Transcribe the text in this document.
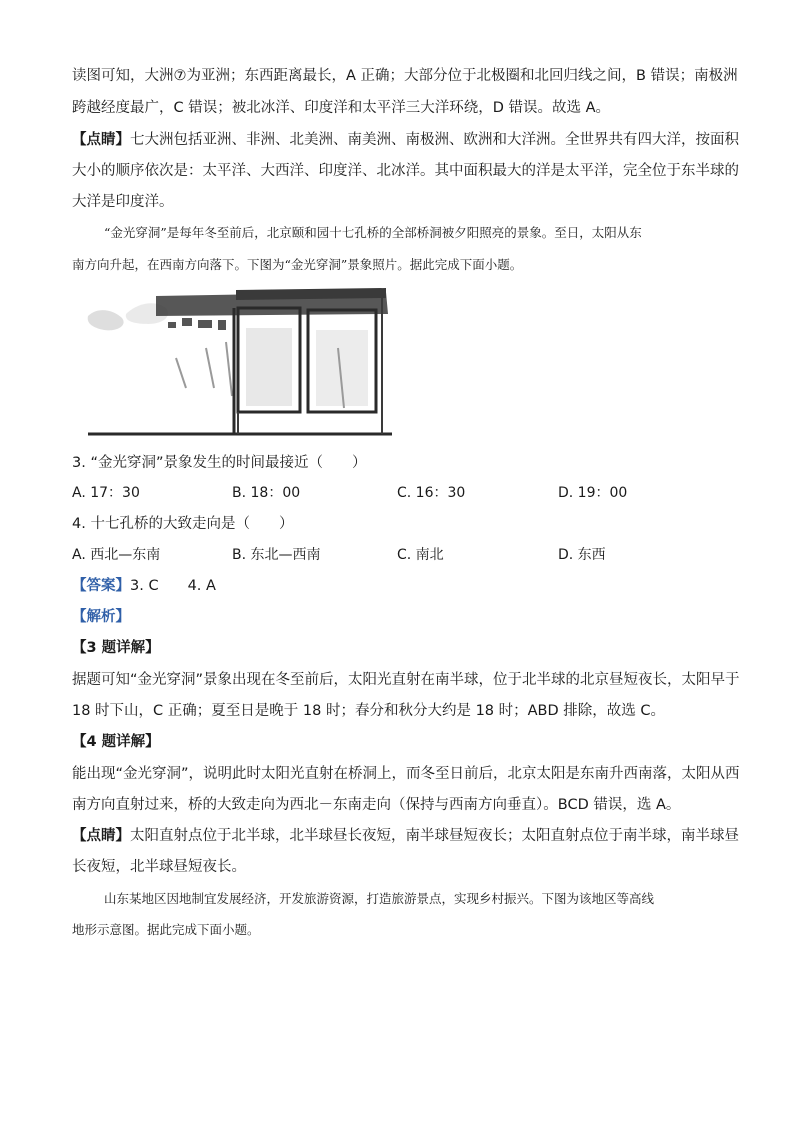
读图可知，大洲⑦为亚洲；东西距离最长，A 正确；大部分位于北极圈和北回归线之间，B 错误；南极洲
跨越经度最广，C 错误；被北冰洋、印度洋和太平洋三大洋环绕，D 错误。故选 A。
【点睛】七大洲包括亚洲、非洲、北美洲、南美洲、南极洲、欧洲和大洋洲。全世界共有四大洋，按面积
大小的顺序依次是：太平洋、大西洋、印度洋、北冰洋。其中面积最大的洋是太平洋，完全位于东半球的
大洋是印度洋。
“金光穿洞”是每年冬至前后，北京颐和园十七孔桥的全部桥洞被夕阳照亮的景象。至日，太阳从东
南方向升起，在西南方向落下。下图为“金光穿洞”景象照片。据此完成下面小题。
3. “金光穿洞”景象发生的时间最接近（　　）
A. 17：30	B. 18：00	C. 16：30	D. 19：00
4. 十七孔桥的大致走向是（　　）
A. 西北—东南	B. 东北—西南	C. 南北	D. 东西
【答案】3. C　　4. A
【解析】
【3 题详解】
据题可知“金光穿洞”景象出现在冬至前后，太阳光直射在南半球，位于北半球的北京昼短夜长，太阳早于
18 时下山，C 正确；夏至日是晚于 18 时；春分和秋分大约是 18 时；ABD 排除，故选 C。
【4 题详解】
能出现“金光穿洞”，说明此时太阳光直射在桥洞上，而冬至日前后，北京太阳是东南升西南落，太阳从西
南方向直射过来，桥的大致走向为西北－东南走向（保持与西南方向垂直）。BCD 错误，选 A。
【点睛】太阳直射点位于北半球，北半球昼长夜短，南半球昼短夜长；太阳直射点位于南半球，南半球昼
长夜短，北半球昼短夜长。
山东某地区因地制宜发展经济，开发旅游资源，打造旅游景点，实现乡村振兴。下图为该地区等高线
地形示意图。据此完成下面小题。
